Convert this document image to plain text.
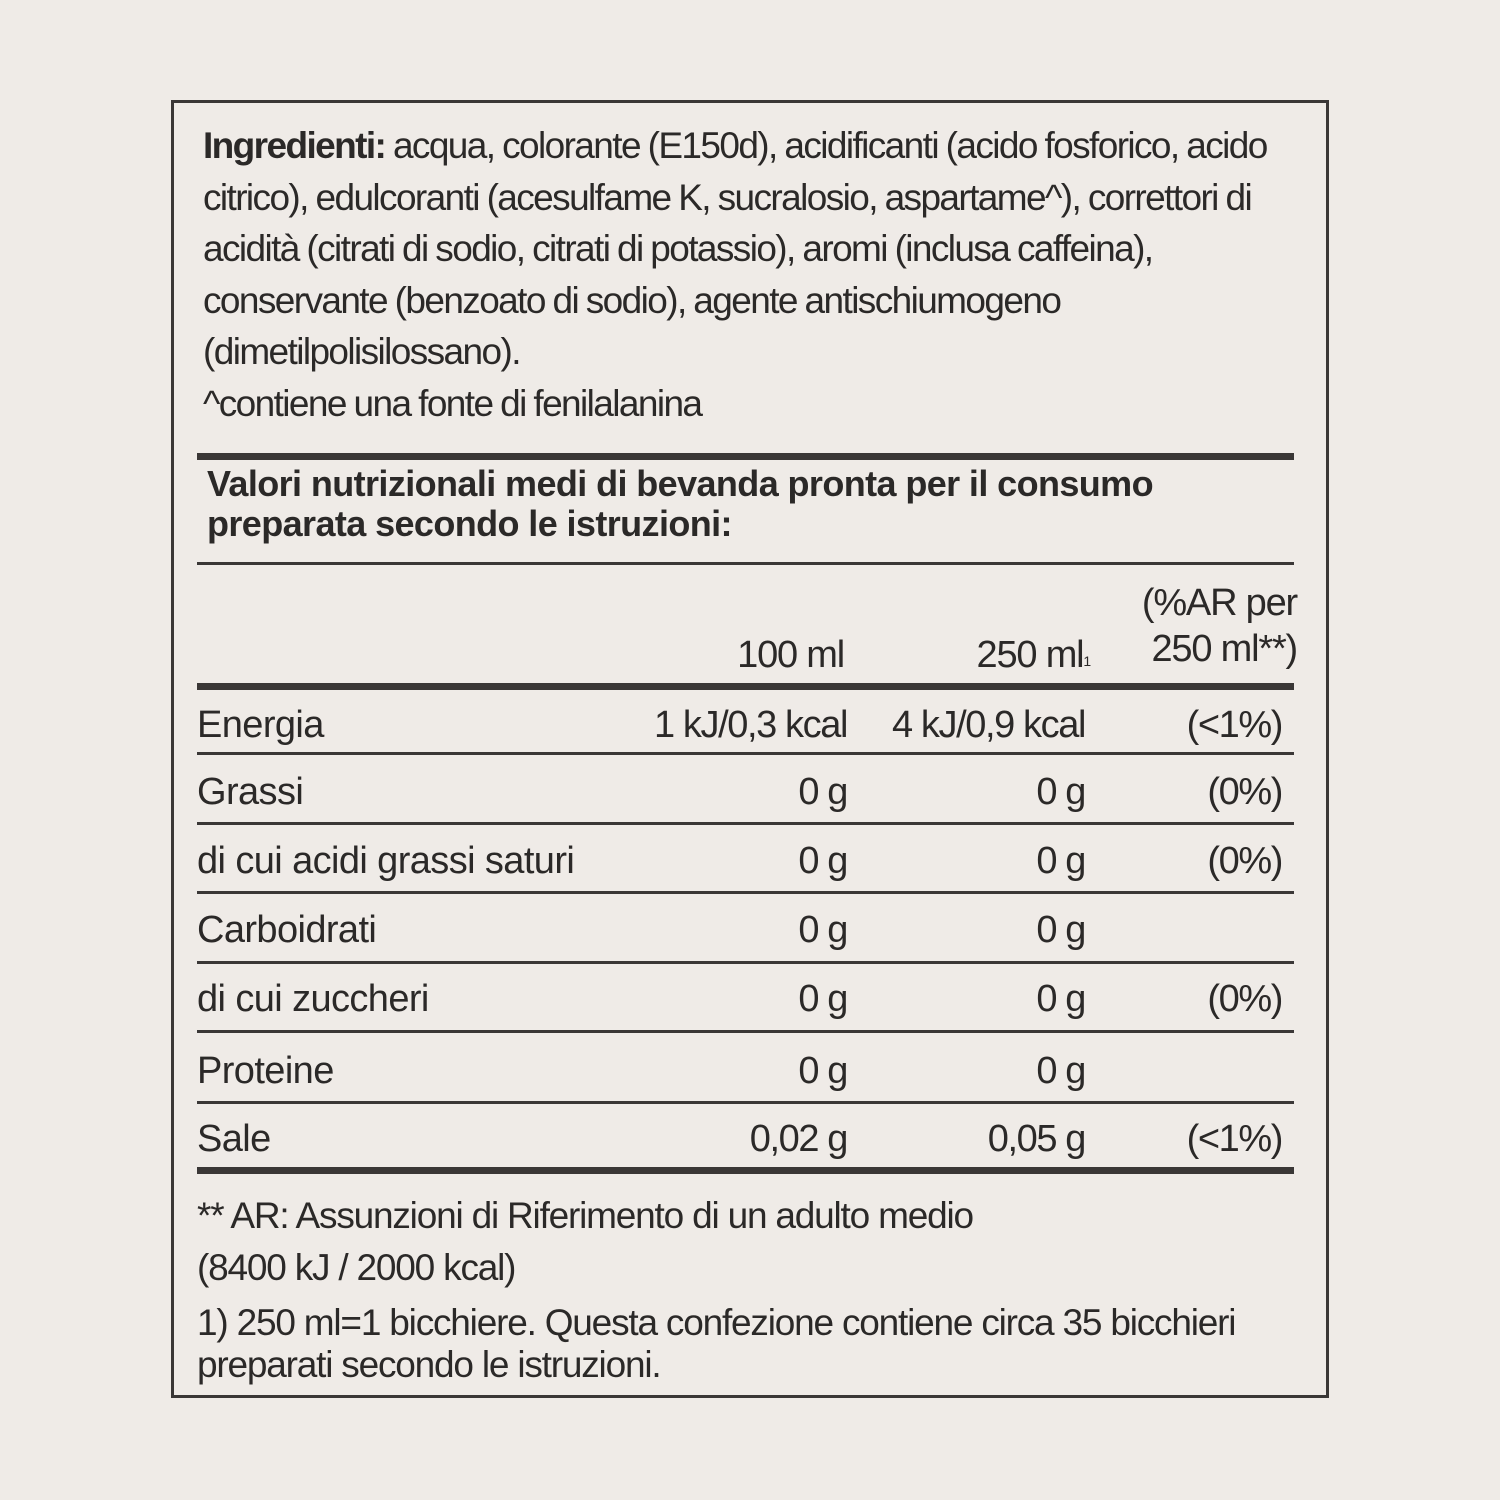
Ingredienti: acqua, colorante (E150d), acidificanti (acido fosforico, acido citrico), edulcoranti (acesulfame K, sucralosio, aspartame^), correttori di acidità (citrati di sodio, citrati di potassio), aromi (inclusa caffeina), conservante (benzoato di sodio), agente antischiumogeno (dimetilpolisilossano).

^contiene una fonte di fenilalanina

Valori nutrizionali medi di bevanda pronta per il consumo preparata secondo le istruzioni:
100 ml	250 $ml^1$
(%AR per
250 ml**)
Energia	1 kJ/0,3 kcal 4 kJ/0,9 kcal	(<1%)
Grassi	0 g	0 g	(0%)
di cui acidi grassi saturi	0 g	0 g	(0%)
Carboidrati	0 g	0 g
di cui zuccheri	0 g	0 g	(0%)
Proteine	0 g	0 g
Sale	0,02 g	0,05 g	(<1%)

** AR: Assunzioni di Riferimento di un adulto medio

(8400 kJ / 2000 kcal)

1) 250 ml=1 bicchiere. Questa confezione contiene circa 35 bicchieri preparati secondo le istruzioni.
